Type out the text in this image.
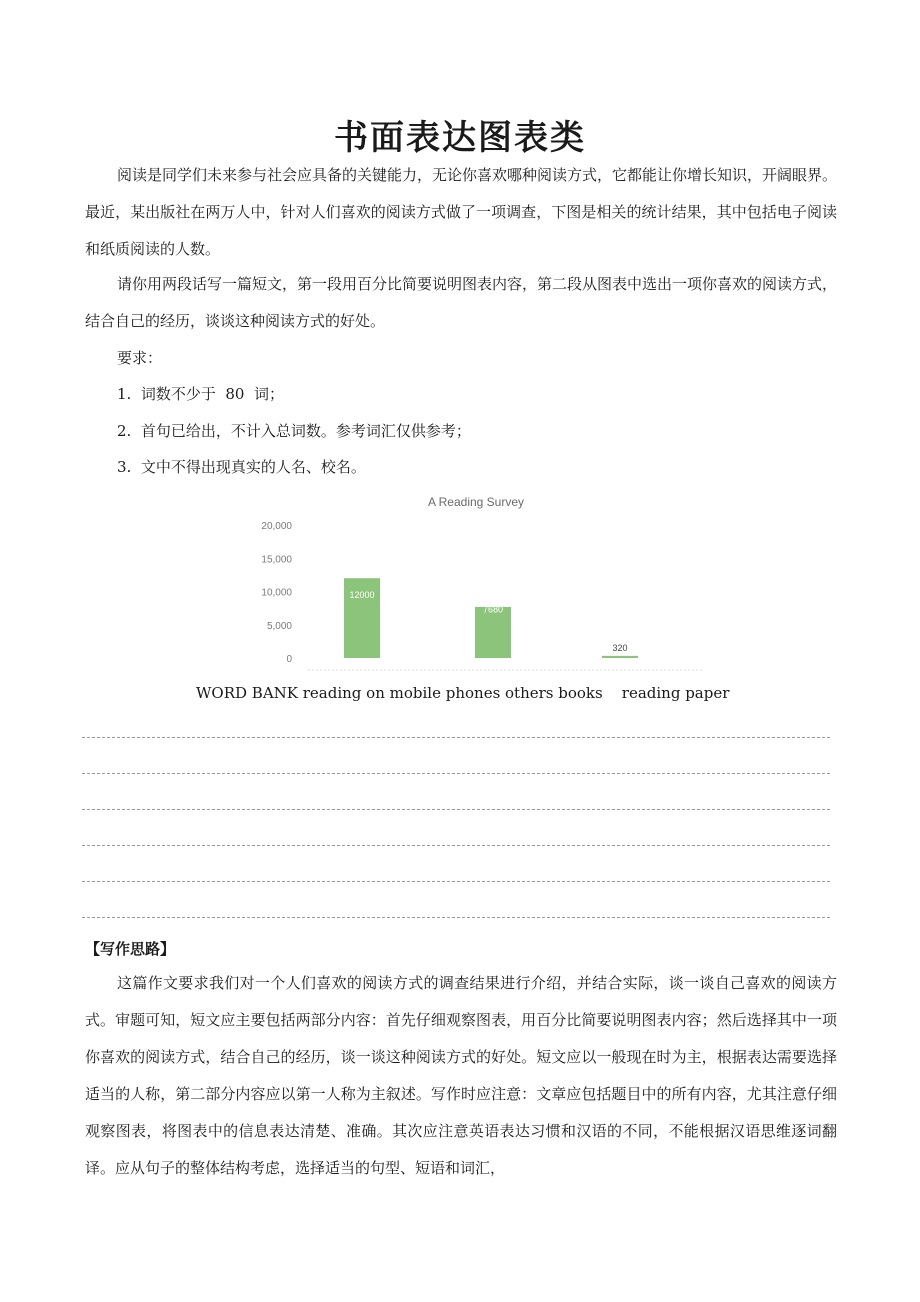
书面表达图表类
阅读是同学们未来参与社会应具备的关键能力，无论你喜欢哪种阅读方式，它都能让你增长知识，开阔眼界。最近，某出版社在两万人中，针对人们喜欢的阅读方式做了一项调查，下图是相关的统计结果，其中包括电子阅读和纸质阅读的人数。
请你用两段话写一篇短文，第一段用百分比简要说明图表内容，第二段从图表中选出一项你喜欢的阅读方式，结合自己的经历，谈谈这种阅读方式的好处。
要求：
1.  词数不少于  80  词；
2.  首句已给出，不计入总词数。参考词汇仅供参考；
3.  文中不得出现真实的人名、校名。
A Reading Survey
0
5,000
10,000
15,000
20,000
12000
7680
320
WORD BANK reading on mobile phones others books    reading paper
【写作思路】
这篇作文要求我们对一个人们喜欢的阅读方式的调查结果进行介绍，并结合实际，谈一谈自己喜欢的阅读方式。审题可知，短文应主要包括两部分内容：首先仔细观察图表，用百分比简要说明图表内容；然后选择其中一项你喜欢的阅读方式，结合自己的经历，谈一谈这种阅读方式的好处。短文应以一般现在时为主，根据表达需要选择适当的人称，第二部分内容应以第一人称为主叙述。写作时应注意：文章应包括题目中的所有内容，尤其注意仔细观察图表，将图表中的信息表达清楚、准确。其次应注意英语表达习惯和汉语的不同，不能根据汉语思维逐词翻译。应从句子的整体结构考虑，选择适当的句型、短语和词汇，
